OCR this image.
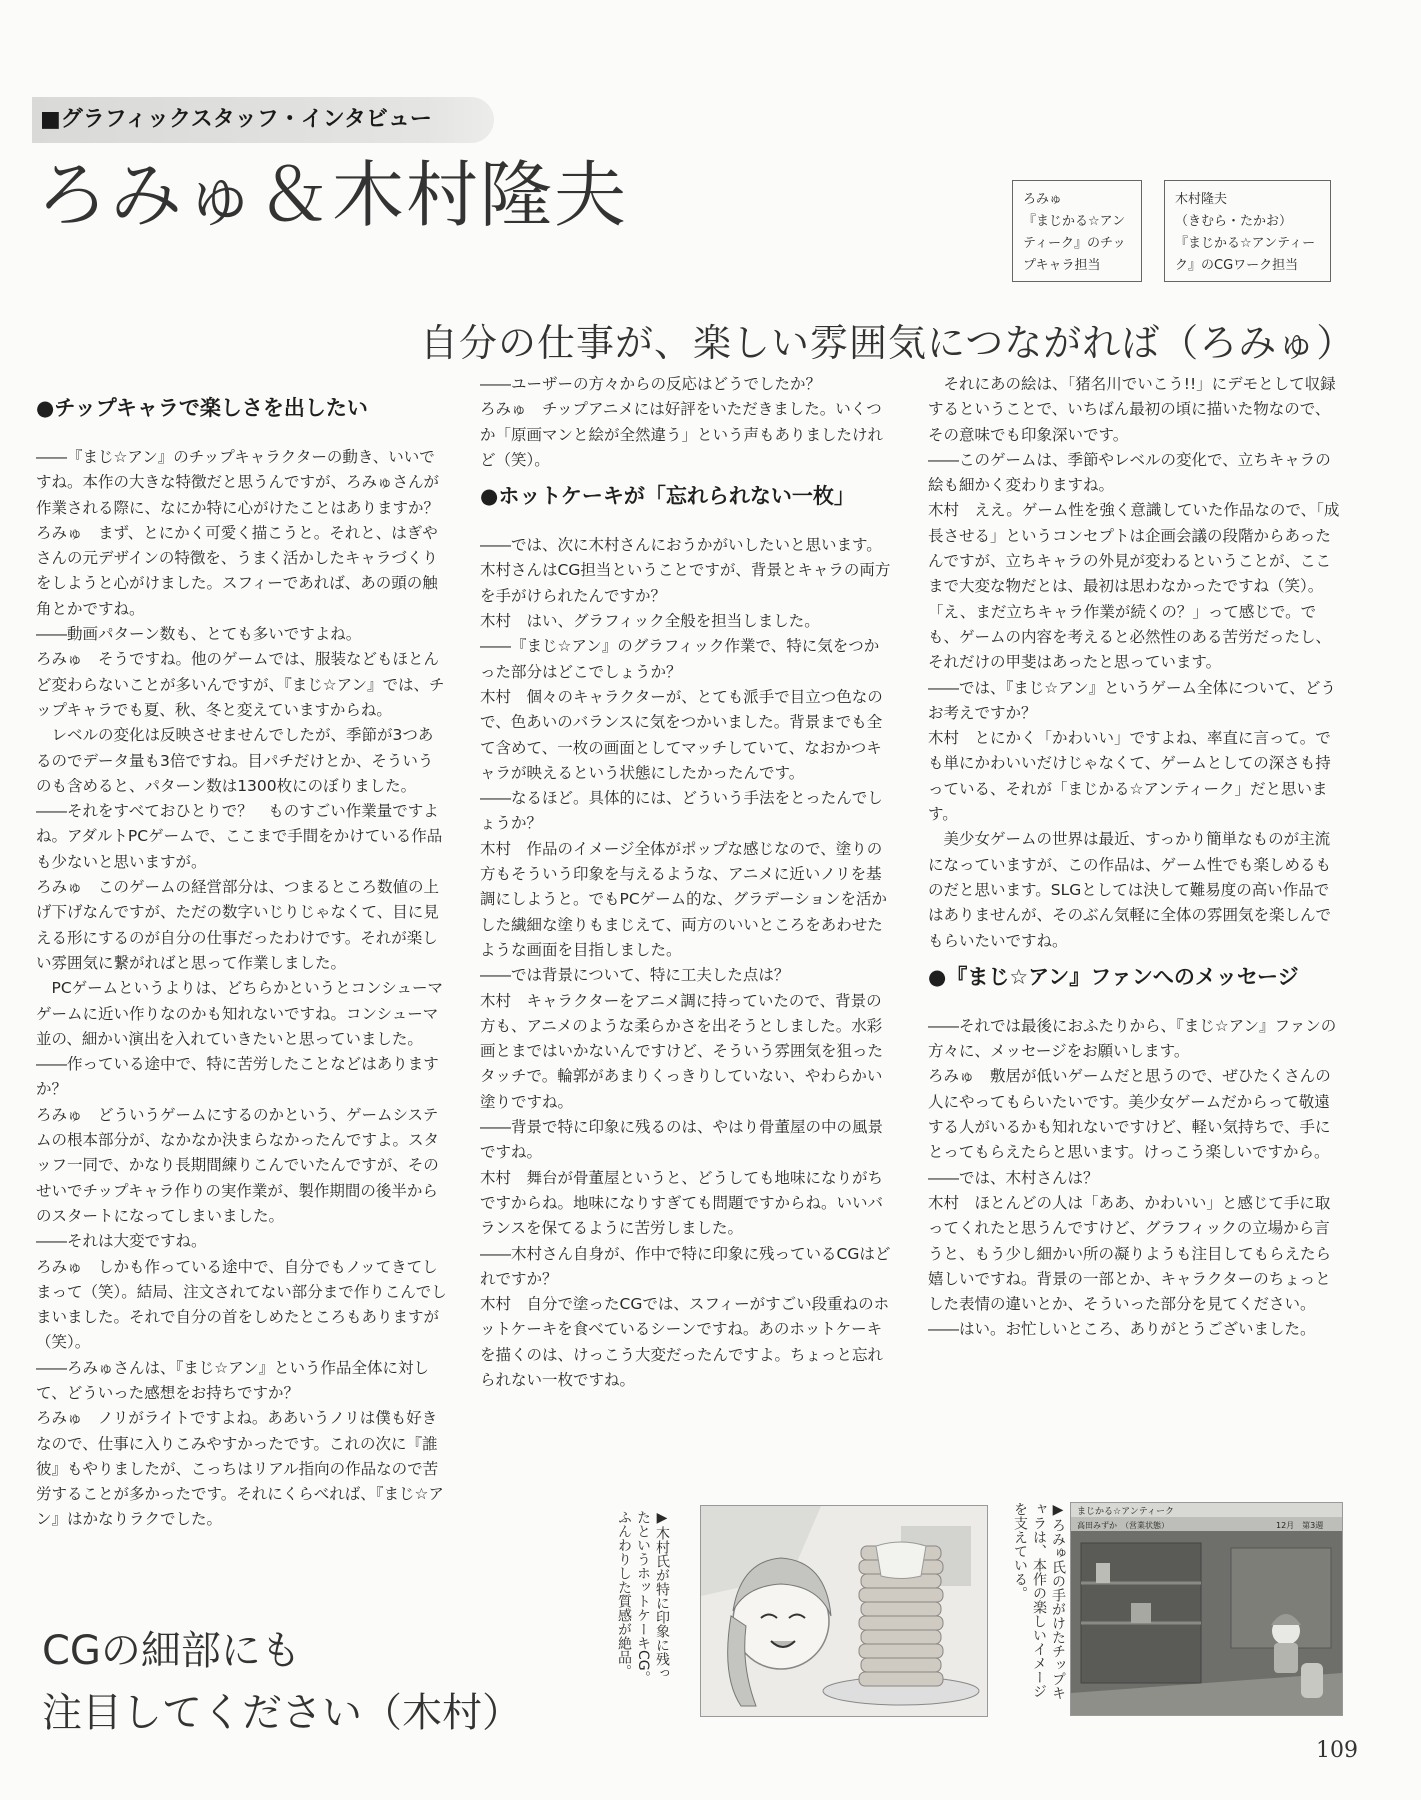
■グラフィックスタッフ・インタビュー
ろみゅ＆木村隆夫	ろみゅ
『まじかる☆アン
ティーク』のチッ
プキャラ担当
木村隆夫
（きむら・たかお）
『まじかる☆アンティー
ク』のCGワーク担当
自分の仕事が、楽しい雰囲気につながれば（ろみゅ）

●チップキャラで楽しさを出したい

――『まじ☆アン』のチップキャラクターの動き、いいですね。本作の大きな特徴だと思うんですが、ろみゅさんが作業される際に、なにか特に心がけたことはありますか？

ろみゅ　まず、とにかく可愛く描こうと。それと、はぎやさんの元デザインの特徴を、うまく活かしたキャラづくりをしようと心がけました。スフィーであれば、あの頭の触角とかですね。

――動画パターン数も、とても多いですよね。

ろみゅ　そうですね。他のゲームでは、服装などもほとんど変わらないことが多いんですが、『まじ☆アン』では、チップキャラでも夏、秋、冬と変えていますからね。

　レベルの変化は反映させませんでしたが、季節が3つあるのでデータ量も3倍ですね。目パチだけとか、そういうのも含めると、パターン数は1300枚にのぼりました。

――それをすべておひとりで？　ものすごい作業量ですよね。アダルトPCゲームで、ここまで手間をかけている作品も少ないと思いますが。

ろみゅ　このゲームの経営部分は、つまるところ数値の上げ下げなんですが、ただの数字いじりじゃなくて、目に見える形にするのが自分の仕事だったわけです。それが楽しい雰囲気に繋がればと思って作業しました。

　PCゲームというよりは、どちらかというとコンシューマゲームに近い作りなのかも知れないですね。コンシューマ並の、細かい演出を入れていきたいと思っていました。

――作っている途中で、特に苦労したことなどはありますか？

ろみゅ　どういうゲームにするのかという、ゲームシステムの根本部分が、なかなか決まらなかったんですよ。スタッフ一同で、かなり長期間練りこんでいたんですが、そのせいでチップキャラ作りの実作業が、製作期間の後半からのスタートになってしまいました。

――それは大変ですね。

ろみゅ　しかも作っている途中で、自分でもノッてきてしまって（笑）。結局、注文されてない部分まで作りこんでしまいました。それで自分の首をしめたところもありますが（笑）。

――ろみゅさんは、『まじ☆アン』という作品全体に対して、どういった感想をお持ちですか？

ろみゅ　ノリがライトですよね。ああいうノリは僕も好きなので、仕事に入りこみやすかったです。これの次に『誰彼』もやりましたが、こっちはリアル指向の作品なので苦労することが多かったです。それにくらべれば、『まじ☆アン』はかなりラクでした。

――ユーザーの方々からの反応はどうでしたか？

ろみゅ　チップアニメには好評をいただきました。いくつか「原画マンと絵が全然違う」という声もありましたけれど（笑）。

●ホットケーキが「忘れられない一枚」

――では、次に木村さんにおうかがいしたいと思います。木村さんはCG担当ということですが、背景とキャラの両方を手がけられたんですか？

木村　はい、グラフィック全般を担当しました。

――『まじ☆アン』のグラフィック作業で、特に気をつかった部分はどこでしょうか？

木村　個々のキャラクターが、とても派手で目立つ色なので、色あいのバランスに気をつかいました。背景までも全て含めて、一枚の画面としてマッチしていて、なおかつキャラが映えるという状態にしたかったんです。

――なるほど。具体的には、どういう手法をとったんでしょうか？

木村　作品のイメージ全体がポップな感じなので、塗りの方もそういう印象を与えるような、アニメに近いノリを基調にしようと。でもPCゲーム的な、グラデーションを活かした繊細な塗りもまじえて、両方のいいところをあわせたような画面を目指しました。

――では背景について、特に工夫した点は？

木村　キャラクターをアニメ調に持っていたので、背景の方も、アニメのような柔らかさを出そうとしました。水彩画とまではいかないんですけど、そういう雰囲気を狙ったタッチで。輪郭があまりくっきりしていない、やわらかい塗りですね。

――背景で特に印象に残るのは、やはり骨董屋の中の風景ですね。

木村　舞台が骨董屋というと、どうしても地味になりがちですからね。地味になりすぎても問題ですからね。いいバランスを保てるように苦労しました。

――木村さん自身が、作中で特に印象に残っているCGはどれですか？

木村　自分で塗ったCGでは、スフィーがすごい段重ねのホットケーキを食べているシーンですね。あのホットケーキを描くのは、けっこう大変だったんですよ。ちょっと忘れられない一枚ですね。

　それにあの絵は、「猪名川でいこう!!」にデモとして収録するということで、いちばん最初の頃に描いた物なので、その意味でも印象深いです。

――このゲームは、季節やレベルの変化で、立ちキャラの絵も細かく変わりますね。

木村　ええ。ゲーム性を強く意識していた作品なので、「成長させる」というコンセプトは企画会議の段階からあったんですが、立ちキャラの外見が変わるということが、ここまで大変な物だとは、最初は思わなかったですね（笑）。「え、まだ立ちキャラ作業が続くの？」って感じで。でも、ゲームの内容を考えると必然性のある苦労だったし、それだけの甲斐はあったと思っています。

――では、『まじ☆アン』というゲーム全体について、どうお考えですか？

木村　とにかく「かわいい」ですよね、率直に言って。でも単にかわいいだけじゃなくて、ゲームとしての深さも持っている、それが「まじかる☆アンティーク」だと思います。

　美少女ゲームの世界は最近、すっかり簡単なものが主流になっていますが、この作品は、ゲーム性でも楽しめるものだと思います。SLGとしては決して難易度の高い作品ではありませんが、そのぶん気軽に全体の雰囲気を楽しんでもらいたいですね。

●『まじ☆アン』ファンへのメッセージ

――それでは最後におふたりから、『まじ☆アン』ファンの方々に、メッセージをお願いします。

ろみゅ　敷居が低いゲームだと思うので、ぜひたくさんの人にやってもらいたいです。美少女ゲームだからって敬遠する人がいるかも知れないですけど、軽い気持ちで、手にとってもらえたらと思います。けっこう楽しいですから。

――では、木村さんは？

木村　ほとんどの人は「ああ、かわいい」と感じて手に取ってくれたと思うんですけど、グラフィックの立場から言うと、もう少し細かい所の凝りようも注目してもらえたら嬉しいですね。背景の一部とか、キャラクターのちょっとした表情の違いとか、そういった部分を見てください。

――はい。お忙しいところ、ありがとうございました。

CGの細部にも
注目してください（木村）
▶木村氏が特に印象に残ったというホットケーキCG。ふんわりした質感が絶品。	▶ろみゅ氏の手がけたチップキャラは、本作の楽しいイメージを支えている。	まじかる☆アンティーク
高田みずか　（営業状態）	12月　第3週
109
